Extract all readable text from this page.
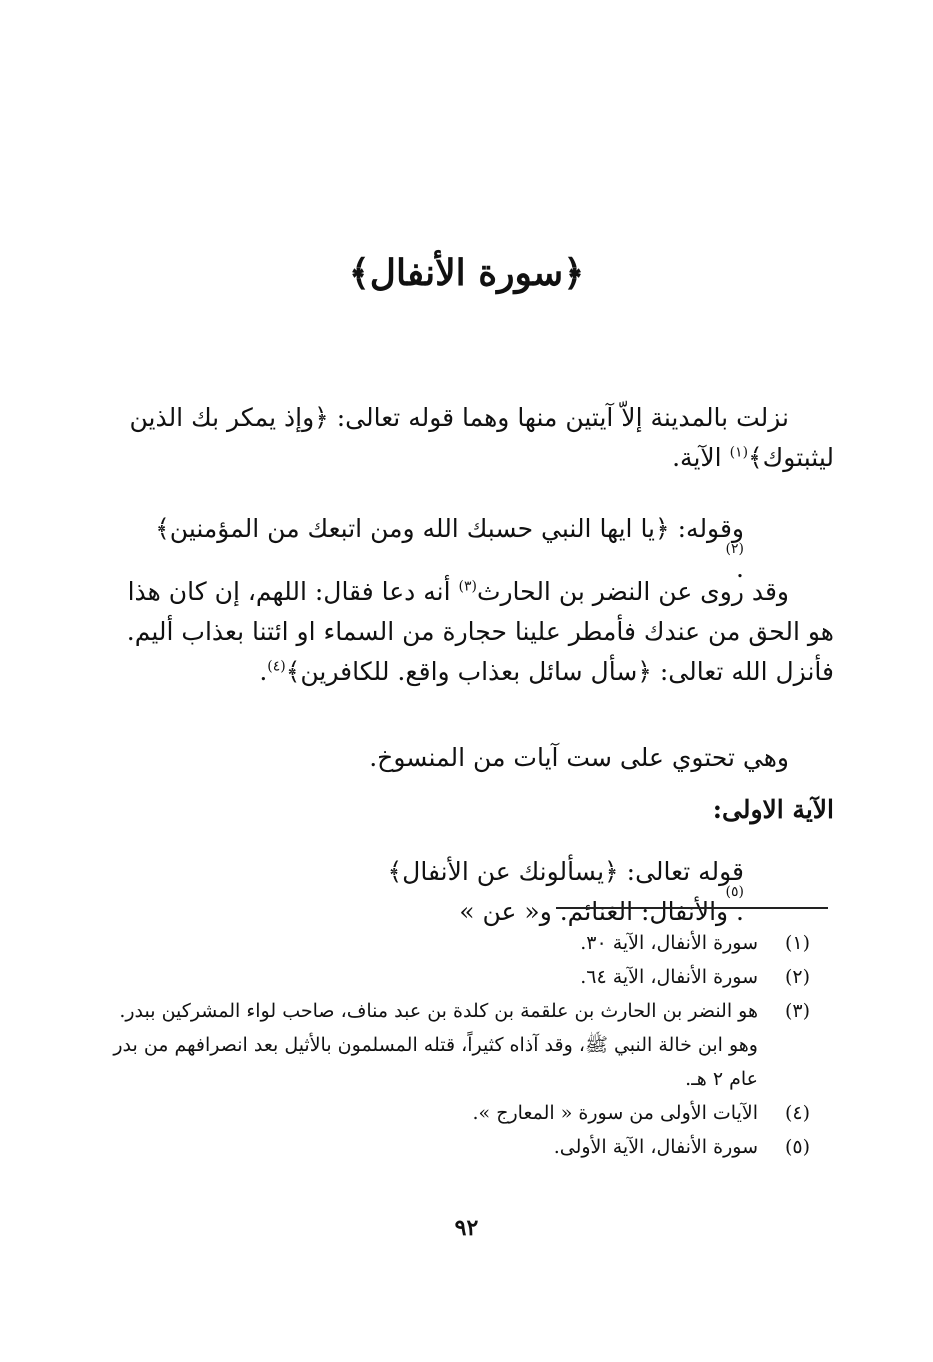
﴿سورة الأنفال﴾
نزلت بالمدينة إلاّ آيتين منها وهما قوله تعالى: ﴿وإذ يمكر بك الذين
ليثبتوك﴾$^{(١)}$ الآية.
وقوله: ﴿يا ايها النبي حسبك الله ومن اتبعك من المؤمنين﴾
(٢)
.
وقد روى عن النضر بن الحارث$^{(٣)}$ أنه دعا فقال: اللهم، إن كان هذا
هو الحق من عندك فأمطر علينا حجارة من السماء او ائتنا بعذاب أليم.
فأنزل الله تعالى: ﴿سأل سائل بعذاب واقع. للكافرين﴾$^{(٤)}$.
وهي تحتوي على ست آيات من المنسوخ.
الآية الاولى:
قوله تعالى: ﴿يسألونك عن الأنفال﴾
(٥)
. والأنفال: الغنائم. و« عن »
(١)
سورة الأنفال، الآية ٣٠.
(٢)
سورة الأنفال، الآية ٦٤.
(٣)
هو النضر بن الحارث بن علقمة بن كلدة بن عبد مناف، صاحب لواء المشركين ببدر. وهو ابن خالة النبي ﷺ، وقد آذاه كثيراً، قتله المسلمون بالأثيل بعد انصرافهم من بدر عام ٢ هـ.
(٤)
الآيات الأولى من سورة « المعارج ».
(٥)
سورة الأنفال، الآية الأولى.
٩٢
